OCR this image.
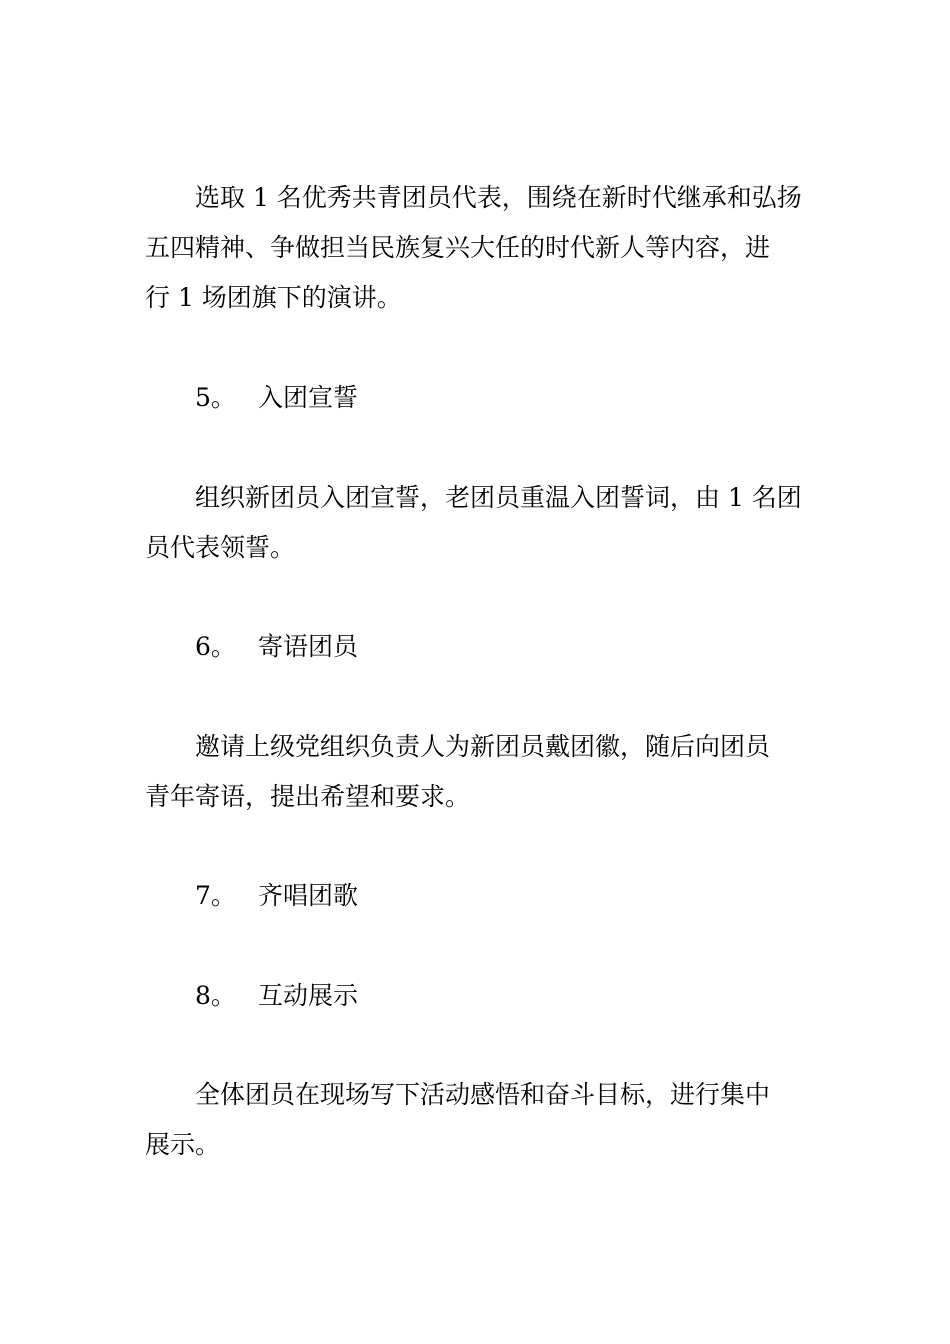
选取 1 名优秀共青团员代表，围绕在新时代继承和弘扬
五四精神、争做担当民族复兴大任的时代新人等内容，进
行 1 场团旗下的演讲。
5。 入团宣誓
组织新团员入团宣誓，老团员重温入团誓词，由 1 名团
员代表领誓。
6。 寄语团员
邀请上级党组织负责人为新团员戴团徽，随后向团员
青年寄语，提出希望和要求。
7。 齐唱团歌
8。 互动展示
全体团员在现场写下活动感悟和奋斗目标，进行集中
展示。
